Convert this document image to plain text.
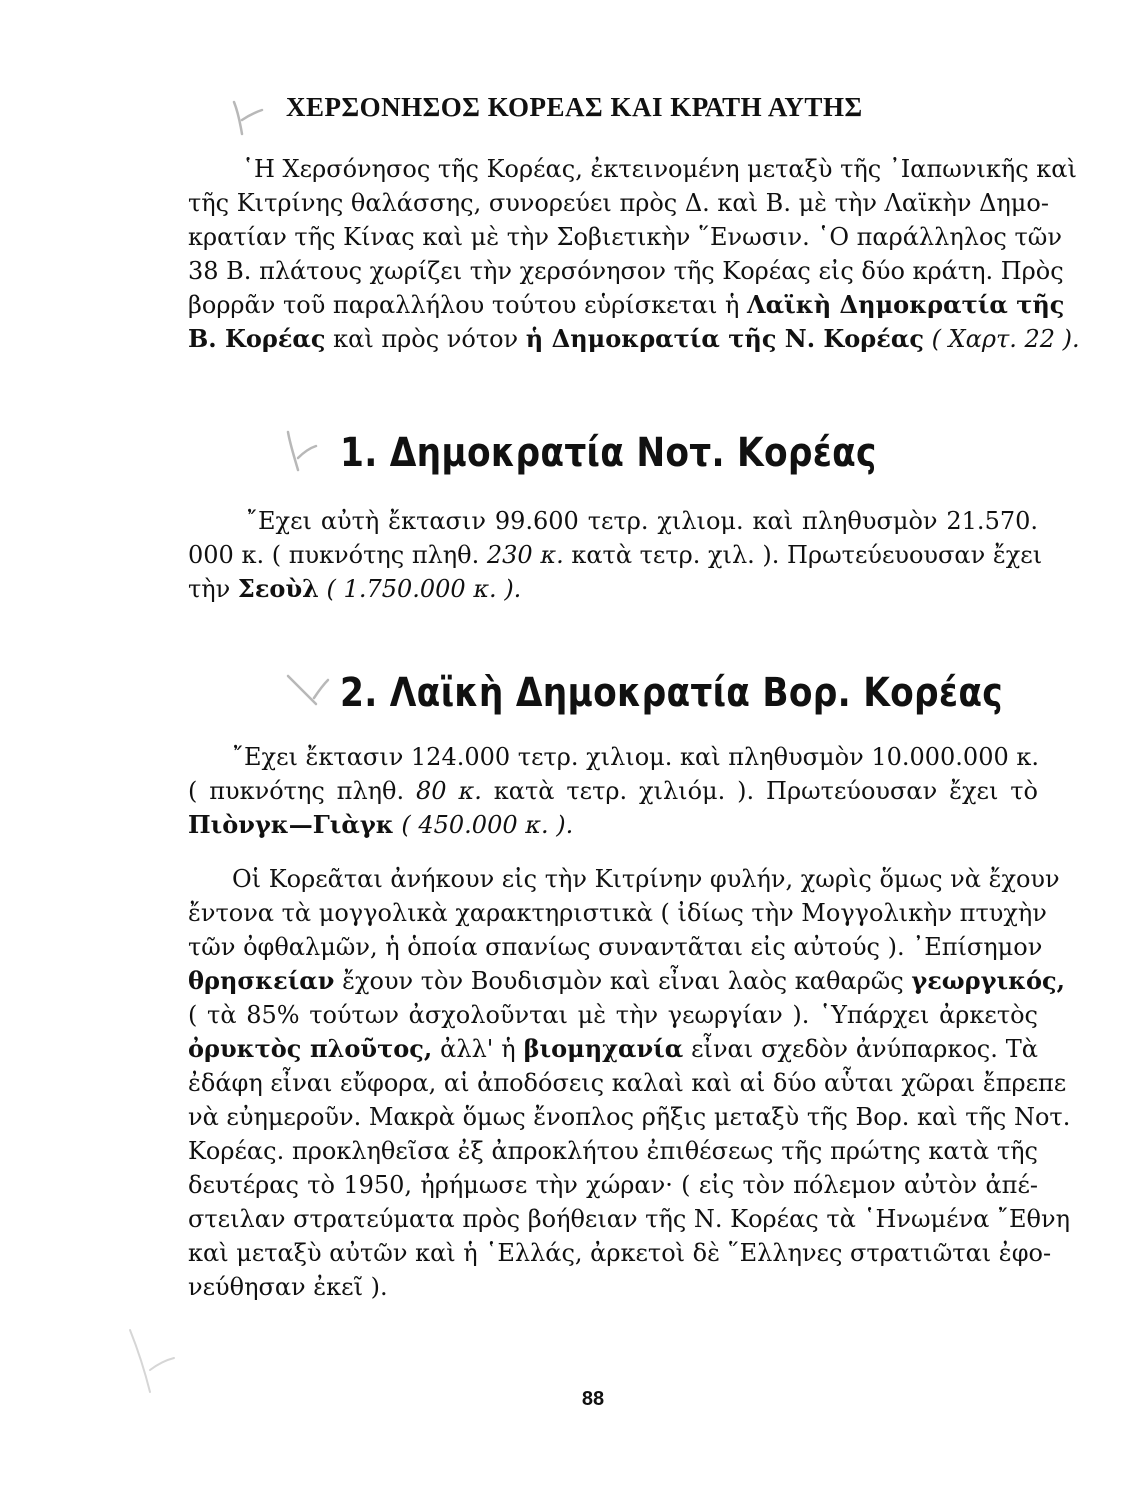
ΧΕΡΣΟΝΗΣΟΣ ΚΟΡΕΑΣ ΚΑΙ ΚΡΑΤΗ ΑΥΤΗΣ
῾Η Χερσόνησος τῆς Κορέας, ἐκτεινομένη μεταξὺ τῆς ᾿Ιαπωνικῆς καὶ
τῆς Κιτρίνης θαλάσσης, συνορεύει πρὸς Δ. καὶ Β. μὲ τὴν Λαϊκὴν Δημο-
κρατίαν τῆς Κίνας καὶ μὲ τὴν Σοβιετικὴν ῞Ενωσιν. ῾Ο παράλληλος τῶν
38 Β. πλάτους χωρίζει τὴν χερσόνησον τῆς Κορέας εἰς δύο κράτη. Πρὸς
βορρᾶν τοῦ παραλλήλου τούτου εὑρίσκεται ἡ Λαϊκὴ Δημοκρατία τῆς
Β. Κορέας καὶ πρὸς νότον ἡ Δημοκρατία τῆς Ν. Κορέας ( Χαρτ. 22 ).
1. Δημοκρατία Νοτ. Κορέας
῎Εχει αὐτὴ ἔκτασιν 99.600 τετρ. χιλιομ. καὶ πληθυσμὸν 21.570.
000 κ. ( πυκνότης πληθ. 230 κ. κατὰ τετρ. χιλ. ). Πρωτεύευουσαν ἔχει
τὴν Σεοὺλ ( 1.750.000 κ. ).
2. Λαϊκὴ Δημοκρατία Βορ. Κορέας
῎Εχει ἔκτασιν 124.000 τετρ. χιλιομ. καὶ πληθυσμὸν 10.000.000 κ.
( πυκνότης πληθ. 80 κ. κατὰ τετρ. χιλιόμ. ). Πρωτεύουσαν ἔχει τὸ
Πιὸνγκ—Γιὰγκ ( 450.000 κ. ).
Οἱ Κορεᾶται ἀνήκουν εἰς τὴν Κιτρίνην φυλήν, χωρὶς ὅμως νὰ ἔχουν
ἔντονα τὰ μογγολικὰ χαρακτηριστικὰ ( ἰδίως τὴν Μογγολικὴν πτυχὴν
τῶν ὀφθαλμῶν, ἡ ὁποία σπανίως συναντᾶται εἰς αὐτούς ). ᾿Επίσημον
θρησκείαν ἔχουν τὸν Βουδισμὸν καὶ εἶναι λαὸς καθαρῶς γεωργικός,
( τὰ 85% τούτων ἀσχολοῦνται μὲ τὴν γεωργίαν ). ῾Υπάρχει ἀρκετὸς
ὀρυκτὸς πλοῦτος, ἀλλ' ἡ βιομηχανία εἶναι σχεδὸν ἀνύπαρκος. Τὰ
ἐδάφη εἶναι εὔφορα, αἱ ἀποδόσεις καλαὶ καὶ αἱ δύο αὗται χῶραι ἔπρεπε
νὰ εὐημεροῦν. Μακρὰ ὅμως ἔνοπλος ρῆξις μεταξὺ τῆς Βορ. καὶ τῆς Νοτ.
Κορέας. προκληθεῖσα ἐξ ἀπροκλήτου ἐπιθέσεως τῆς πρώτης κατὰ τῆς
δευτέρας τὸ 1950, ἠρήμωσε τὴν χώραν· ( εἰς τὸν πόλεμον αὐτὸν ἀπέ-
στειλαν στρατεύματα πρὸς βοήθειαν τῆς Ν. Κορέας τὰ ῾Ηνωμένα ῎Εθνη
καὶ μεταξὺ αὐτῶν καὶ ἡ ῾Ελλάς, ἀρκετοὶ δὲ ῞Ελληνες στρατιῶται ἐφο-
νεύθησαν ἐκεῖ ).

88
